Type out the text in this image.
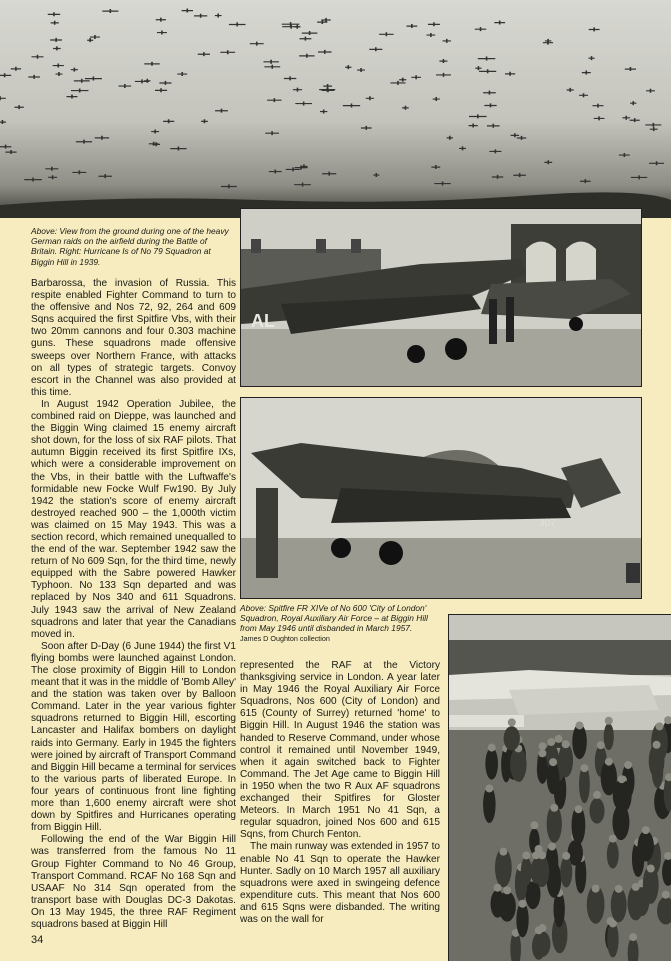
AL
307
Above: View from the ground during one of the heavy German raids on the airfield during the Battle of Britain. Right: Hurricane Is of No 79 Squadron at Biggin Hill in 1939.
Above: Spitfire FR XIVe of No 600 'City of London' Squadron, Royal Auxiliary Air Force – at Biggin Hill from May 1946 until disbanded in March 1957.
James D Oughton collection

Barbarossa, the invasion of Russia. This respite enabled Fighter Command to turn to the offensive and Nos 72, 92, 264 and 609 Sqns acquired the first Spitfire Vbs, with their two 20mm cannons and four 0.303 machine guns. These squadrons made offensive sweeps over Northern France, with attacks on all types of strategic targets. Convoy escort in the Channel was also provided at this time.

In August 1942 Operation Jubilee, the combined raid on Dieppe, was launched and the Biggin Wing claimed 15 enemy aircraft shot down, for the loss of six RAF pilots. That autumn Biggin received its first Spitfire IXs, which were a considerable improvement on the Vbs, in their battle with the Luftwaffe's formidable new Focke Wulf Fw190. By July 1942 the station's score of enemy aircraft destroyed reached 900 – the 1,000th victim was claimed on 15 May 1943. This was a section record, which remained unequalled to the end of the war. September 1942 saw the return of No 609 Sqn, for the third time, newly equipped with the Sabre powered Hawker Typhoon. No 133 Sqn departed and was replaced by Nos 340 and 611 Squadrons. July 1943 saw the arrival of New Zealand squadrons and later that year the Canadians moved in.

Soon after D-Day (6 June 1944) the first V1 flying bombs were launched against London. The close proximity of Biggin Hill to London meant that it was in the middle of 'Bomb Alley' and the station was taken over by Balloon Command. Later in the year various fighter squadrons returned to Biggin Hill, escorting Lancaster and Halifax bombers on daylight raids into Germany. Early in 1945 the fighters were joined by aircraft of Transport Command and Biggin Hill became a terminal for services to the various parts of liberated Europe. In four years of continuous front line fighting more than 1,600 enemy aircraft were shot down by Spitfires and Hurricanes operating from Biggin Hill.

Following the end of the War Biggin Hill was transferred from the famous No 11 Group Fighter Command to No 46 Group, Transport Command. RCAF No 168 Sqn and USAAF No 314 Sqn operated from the transport base with Douglas DC-3 Dakotas. On 13 May 1945, the three RAF Regiment squadrons based at Biggin Hill

represented the RAF at the Victory thanksgiving service in London. A year later in May 1946 the Royal Auxiliary Air Force Squadrons, Nos 600 (City of London) and 615 (County of Surrey) returned 'home' to Biggin Hill. In August 1946 the station was handed to Reserve Command, under whose control it remained until November 1949, when it again switched back to Fighter Command. The Jet Age came to Biggin Hill in 1950 when the two R Aux AF squadrons exchanged their Spitfires for Gloster Meteors. In March 1951 No 41 Sqn, a regular squadron, joined Nos 600 and 615 Sqns, from Church Fenton.

The main runway was extended in 1957 to enable No 41 Sqn to operate the Hawker Hunter. Sadly on 10 March 1957 all auxiliary squadrons were axed in swingeing defence expenditure cuts. This meant that Nos 600 and 615 Sqns were disbanded. The writing was on the wall for

34
